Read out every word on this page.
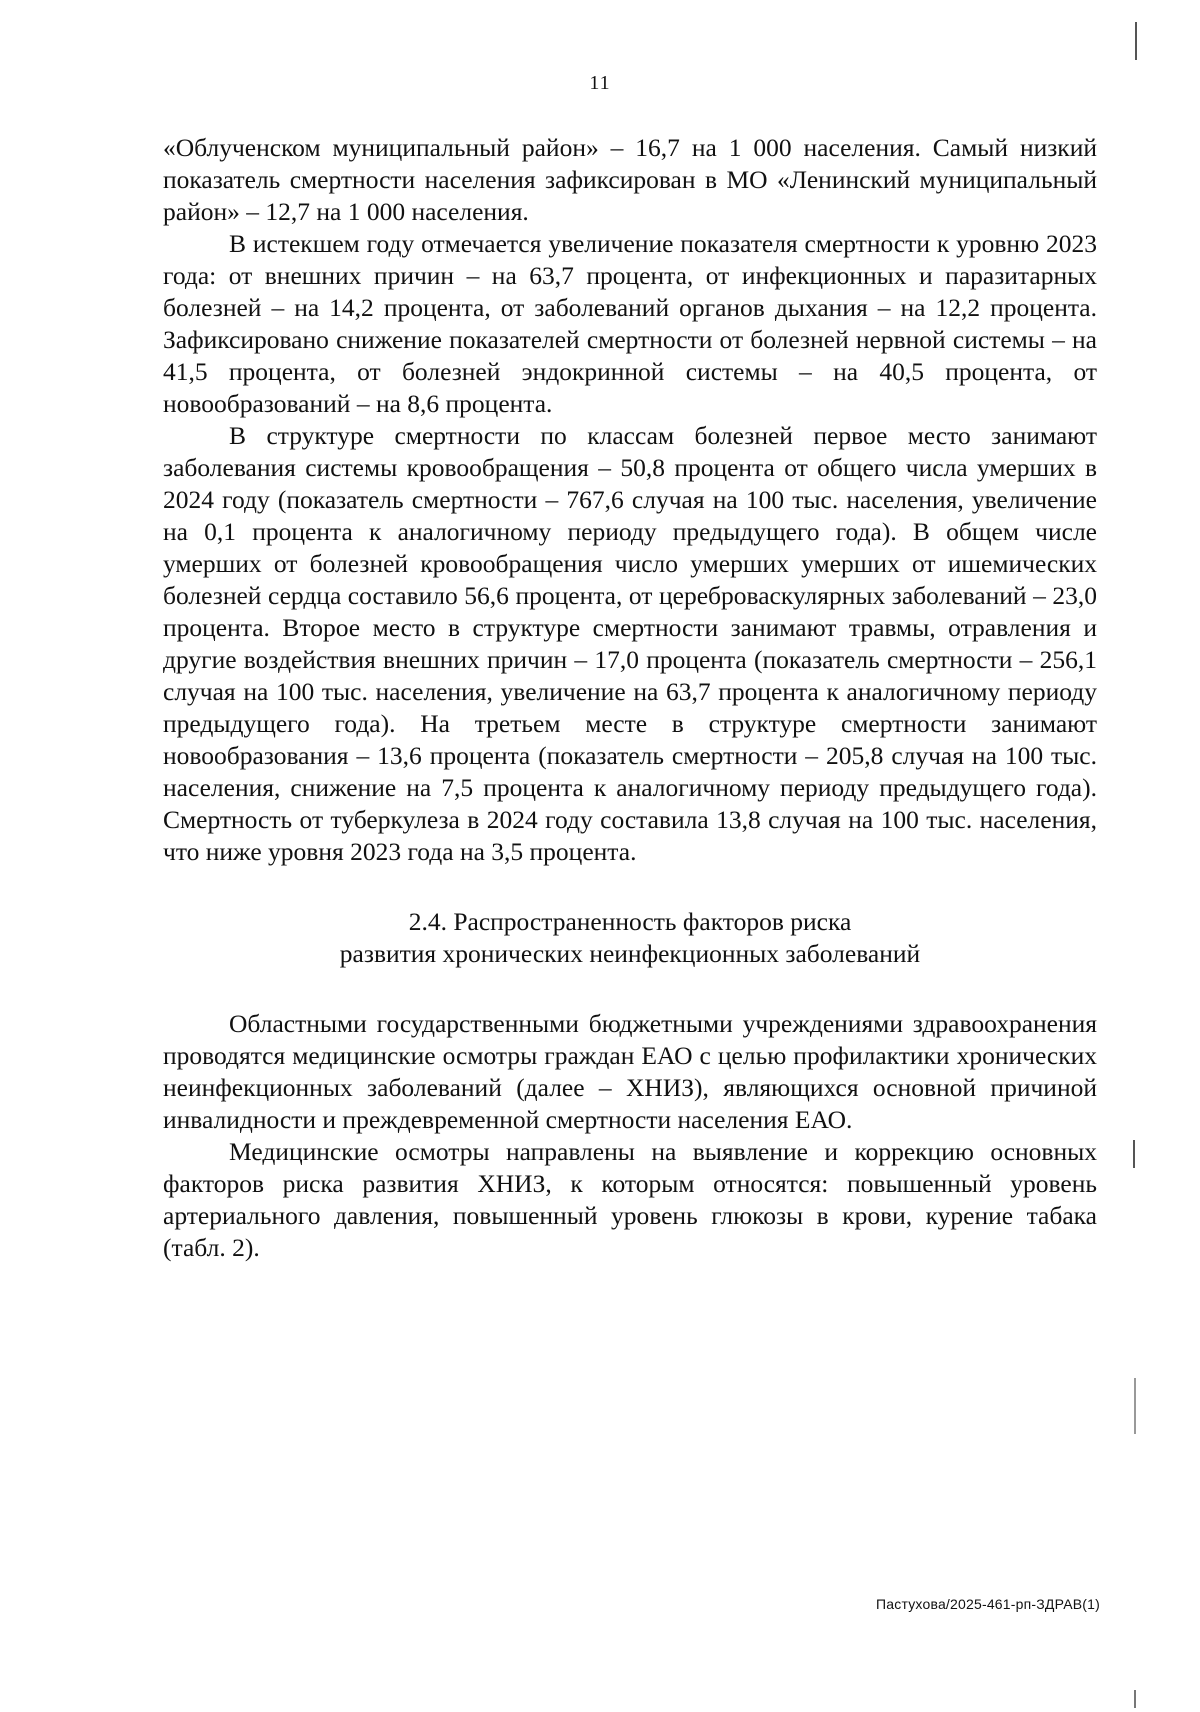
11

«Облученском муниципальный район» – 16,7 на 1 000 населения. Самый низкий показатель смертности населения зафиксирован в МО «Ленинский муниципальный район» – 12,7 на 1 000 населения.

В истекшем году отмечается увеличение показателя смертности к уровню 2023 года: от внешних причин – на 63,7 процента, от инфекционных и паразитарных болезней – на 14,2 процента, от заболеваний органов дыхания – на 12,2 процента. Зафиксировано снижение показателей смертности от болезней нервной системы – на 41,5 процента, от болезней эндокринной системы – на 40,5 процента, от новообразований – на 8,6 процента.

В структуре смертности по классам болезней первое место занимают заболевания системы кровообращения – 50,8 процента от общего числа умерших в 2024 году (показатель смертности – 767,6 случая на 100 тыс. населения, увеличение на 0,1 процента к аналогичному периоду предыдущего года). В общем числе умерших от болезней кровообращения число умерших умерших от ишемических болезней сердца составило 56,6 процента, от цереброваскулярных заболеваний – 23,0 процента. Второе место в структуре смертности занимают травмы, отравления и другие воздействия внешних причин – 17,0 процента (показатель смертности – 256,1 случая на 100 тыс. населения, увеличение на 63,7 процента к аналогичному периоду предыдущего года). На третьем месте в структуре смертности занимают новообразования – 13,6 процента (показатель смертности – 205,8 случая на 100 тыс. населения, снижение на 7,5 процента к аналогичному периоду предыдущего года). Смертность от туберкулеза в 2024 году составила 13,8 случая на 100 тыс. населения, что ниже уровня 2023 года на 3,5 процента.

2.4. Распространенность факторов риска
развития хронических неинфекционных заболеваний

Областными государственными бюджетными учреждениями здравоохранения проводятся медицинские осмотры граждан ЕАО с целью профилактики хронических неинфекционных заболеваний (далее – ХНИЗ), являющихся основной причиной инвалидности и преждевременной смертности населения ЕАО.

Медицинские осмотры направлены на выявление и коррекцию основных факторов риска развития ХНИЗ, к которым относятся: повышенный уровень артериального давления, повышенный уровень глюкозы в крови, курение табака (табл. 2).

Пастухова/2025-461-рп-ЗДРАВ(1)
